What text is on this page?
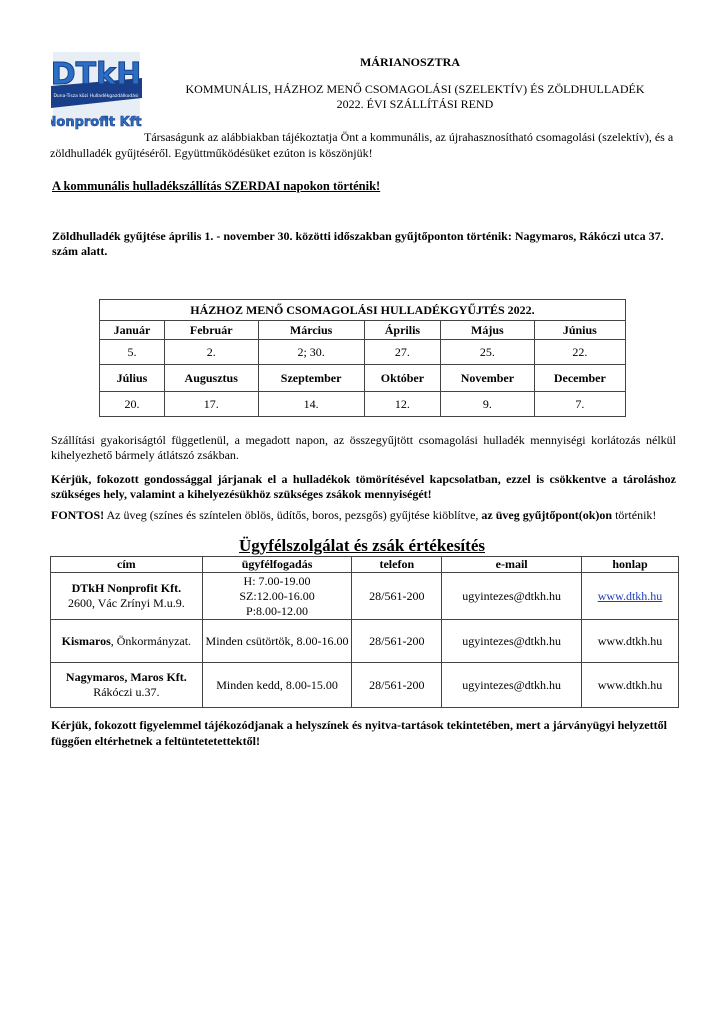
DTkH
Duna-Tisza közi Hulladékgazdálkodási
Nonprofit Kft.
MÁRIANOSZTRA
KOMMUNÁLIS, HÁZHOZ MENŐ CSOMAGOLÁSI (SZELEKTÍV) ÉS ZÖLDHULLADÉK
2022. ÉVI SZÁLLÍTÁSI REND
Társaságunk az alábbiakban tájékoztatja Önt a kommunális, az újrahasznosítható csomagolási (szelektív), és a zöldhulladék gyűjtéséről. Együttműködésüket ezúton is köszönjük!
A kommunális hulladékszállítás SZERDAI napokon történik!
Zöldhulladék gyűjtése április 1. - november 30. közötti időszakban gyűjtőponton történik: Nagymaros, Rákóczi utca 37. szám alatt.
HÁZHOZ MENŐ CSOMAGOLÁSI HULLADÉKGYŰJTÉS 2022.					
Január	Február	Március	Április	Május	Június
5.	2.	2; 30.	27.	25.	22.
Július	Augusztus	Szeptember	Október	November	December
20.	17.	14.	12.	9.	7.
Szállítási gyakoriságtól függetlenül, a megadott napon, az összegyűjtött csomagolási hulladék mennyiségi korlátozás nélkül kihelyezhető bármely átlátszó zsákban.
Kérjük, fokozott gondossággal járjanak el a hulladékok tömörítésével kapcsolatban, ezzel is csökkentve a tároláshoz szükséges hely, valamint a kihelyezésükhöz szükséges zsákok mennyiségét!
FONTOS! Az üveg (színes és színtelen öblös, üdítős, boros, pezsgős) gyűjtése kiöblítve, az üveg gyűjtőpont(ok)on történik!
Ügyfélszolgálat és zsák értékesítés
cím	ügyfélfogadás	telefon	e-mail	honlap
DTkH Nonprofit Kft.
2600, Vác Zrínyi M.u.9.	H: 7.00-19.00
SZ:12.00-16.00
P:8.00-12.00	28/561-200	ugyintezes@dtkh.hu	www.dtkh.hu
Kismaros, Önkormányzat.	Minden csütörtök, 8.00-16.00	28/561-200	ugyintezes@dtkh.hu	www.dtkh.hu
Nagymaros, Maros Kft.
Rákóczi u.37.	Minden kedd, 8.00-15.00	28/561-200	ugyintezes@dtkh.hu	www.dtkh.hu
Kérjük, fokozott figyelemmel tájékozódjanak a helyszínek és nyitva-tartások tekintetében, mert a járványügyi helyzettől függően eltérhetnek a feltüntetetettektől!
